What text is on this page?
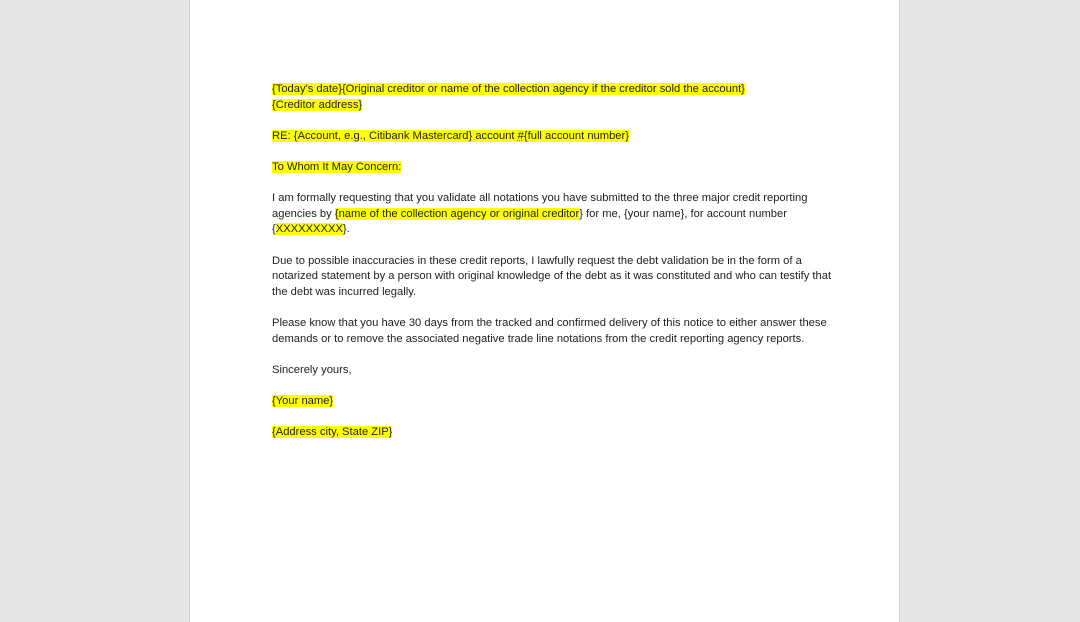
{Today's date}{Original creditor or name of the collection agency if the creditor sold the account}
{Creditor address}

RE: {Account, e.g., Citibank Mastercard} account #{full account number}

To Whom It May Concern:

I am formally requesting that you validate all notations you have submitted to the three major credit reporting agencies by {name of the collection agency or original creditor} for me, {your name}, for account number {XXXXXXXXX}.

Due to possible inaccuracies in these credit reports, I lawfully request the debt validation be in the form of a notarized statement by a person with original knowledge of the debt as it was constituted and who can testify that the debt was incurred legally.

Please know that you have 30 days from the tracked and confirmed delivery of this notice to either answer these demands or to remove the associated negative trade line notations from the credit reporting agency reports.

Sincerely yours,

{Your name}

{Address city, State ZIP}
